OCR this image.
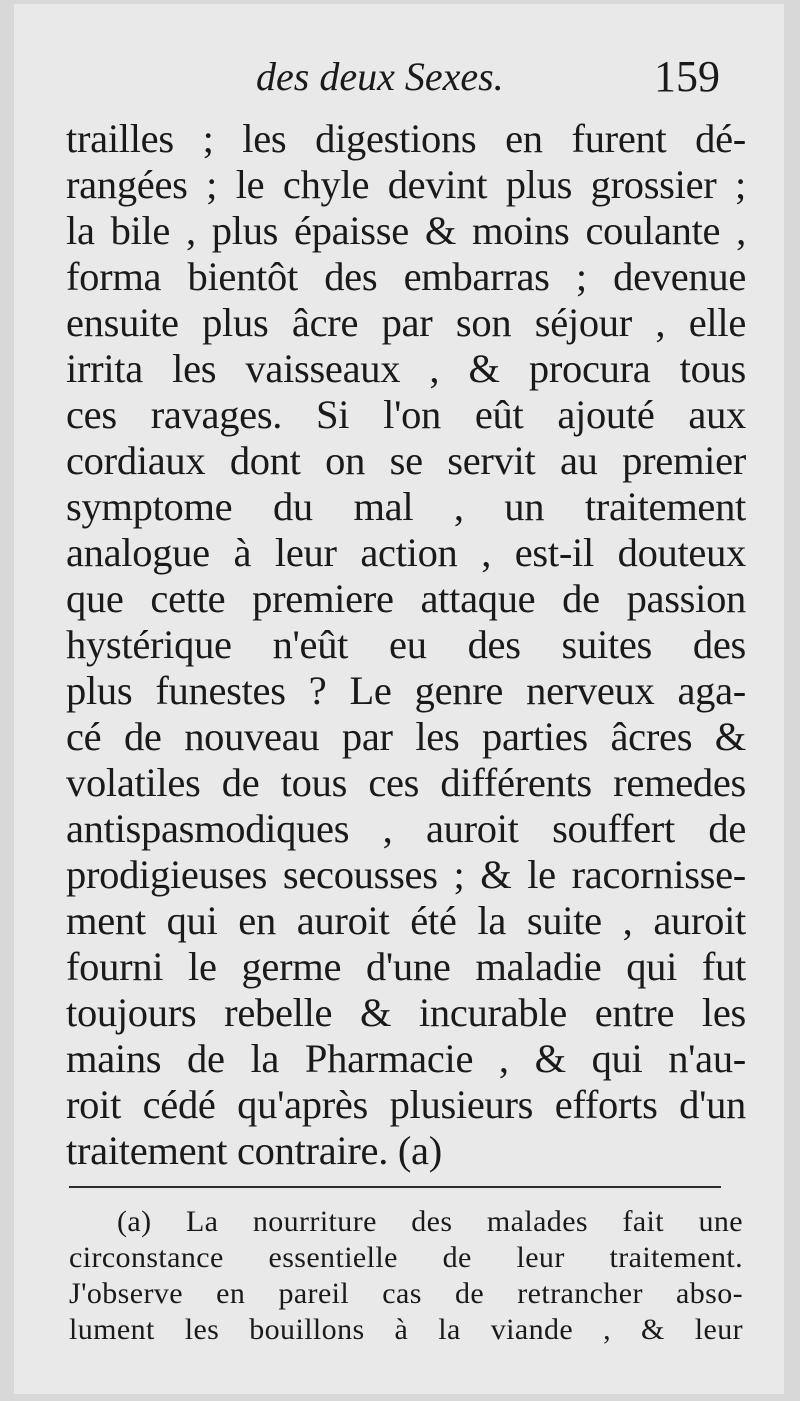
des deux Sexes.	159
trailles ; les digestions en furent dé-
rangées ; le chyle devint plus grossier ;
la bile , plus épaisse & moins coulante ,
forma bientôt des embarras ; devenue
ensuite plus âcre par son séjour , elle
irrita les vaisseaux , & procura tous
ces ravages. Si l'on eût ajouté aux
cordiaux dont on se servit au premier
symptome du mal , un traitement
analogue à leur action , est-il douteux
que cette premiere attaque de passion
hystérique n'eût eu des suites des
plus funestes ? Le genre nerveux aga-
cé de nouveau par les parties âcres &
volatiles de tous ces différents remedes
antispasmodiques , auroit souffert de
prodigieuses secousses ; & le racornisse-
ment qui en auroit été la suite , auroit
fourni le germe d'une maladie qui fut
toujours rebelle & incurable entre les
mains de la Pharmacie , & qui n'au-
roit cédé qu'après plusieurs efforts d'un
traitement contraire. (a)
(a) La nourriture des malades fait une
circonstance essentielle de leur traitement.
J'observe en pareil cas de retrancher abso-
lument les bouillons à la viande , & leur
